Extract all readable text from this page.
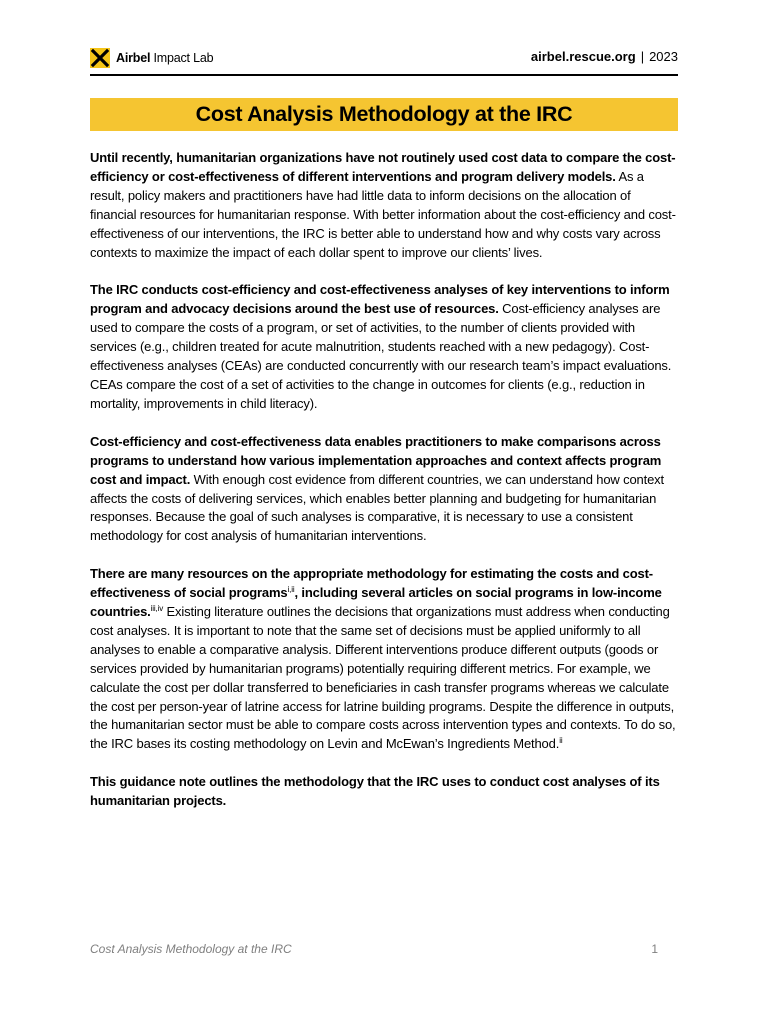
Airbel Impact Lab	airbel.rescue.org | 2023
Cost Analysis Methodology at the IRC

Until recently, humanitarian organizations have not routinely used cost data to compare the cost-efficiency or cost-effectiveness of different interventions and program delivery models. As a result, policy makers and practitioners have had little data to inform decisions on the allocation of financial resources for humanitarian response. With better information about the cost-efficiency and cost-effectiveness of our interventions, the IRC is better able to understand how and why costs vary across contexts to maximize the impact of each dollar spent to improve our clients’ lives.

The IRC conducts cost-efficiency and cost-effectiveness analyses of key interventions to inform program and advocacy decisions around the best use of resources. Cost-efficiency analyses are used to compare the costs of a program, or set of activities, to the number of clients provided with services (e.g., children treated for acute malnutrition, students reached with a new pedagogy). Cost-effectiveness analyses (CEAs) are conducted concurrently with our research team’s impact evaluations. CEAs compare the cost of a set of activities to the change in outcomes for clients (e.g., reduction in mortality, improvements in child literacy).

Cost-efficiency and cost-effectiveness data enables practitioners to make comparisons across programs to understand how various implementation approaches and context affects program cost and impact. With enough cost evidence from different countries, we can understand how context affects the costs of delivering services, which enables better planning and budgeting for humanitarian responses. Because the goal of such analyses is comparative, it is necessary to use a consistent methodology for cost analysis of humanitarian interventions.

There are many resources on the appropriate methodology for estimating the costs and cost-effectiveness of social programs$^{i,ii}$, including several articles on social programs in low-income countries.$^{iii,iv}$ Existing literature outlines the decisions that organizations must address when conducting cost analyses. It is important to note that the same set of decisions must be applied uniformly to all analyses to enable a comparative analysis. Different interventions produce different outputs (goods or services provided by humanitarian programs) potentially requiring different metrics. For example, we calculate the cost per dollar transferred to beneficiaries in cash transfer programs whereas we calculate the cost per person-year of latrine access for latrine building programs. Despite the difference in outputs, the humanitarian sector must be able to compare costs across intervention types and contexts. To do so, the IRC bases its costing methodology on Levin and McEwan’s Ingredients Method.$^{ii}$

This guidance note outlines the methodology that the IRC uses to conduct cost analyses of its humanitarian projects.

Cost Analysis Methodology at the IRC	1
